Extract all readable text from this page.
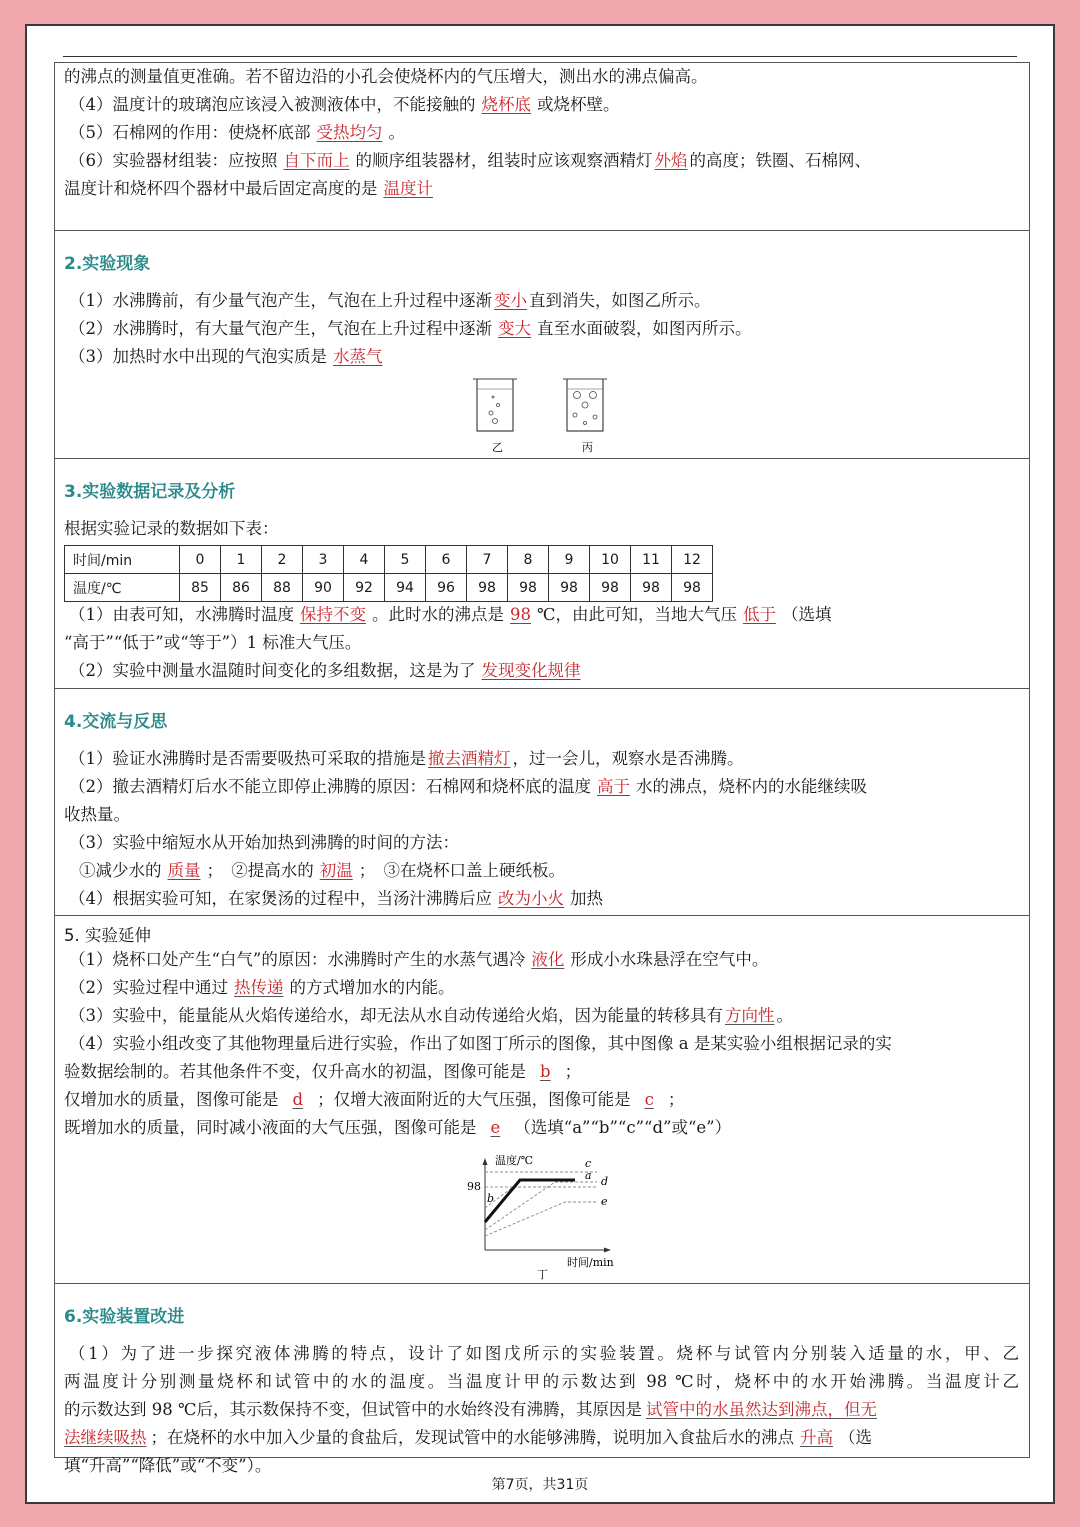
的沸点的测量值更准确。若不留边沿的小孔会使烧杯内的气压增大，测出水的沸点偏高。
（4）温度计的玻璃泡应该浸入被测液体中，不能接触的 烧杯底 或烧杯壁。
（5）石棉网的作用：使烧杯底部 受热均匀 。
（6）实验器材组装：应按照 自下而上 的顺序组装器材，组装时应该观察酒精灯 外焰 的高度；铁圈、石棉网、
温度计和烧杯四个器材中最后固定高度的是 温度计
2.实验现象
（1）水沸腾前，有少量气泡产生，气泡在上升过程中逐渐 变小 直到消失，如图乙所示。
（2）水沸腾时，有大量气泡产生，气泡在上升过程中逐渐 变大 直至水面破裂，如图丙所示。
（3）加热时水中出现的气泡实质是 水蒸气
乙	丙
3.实验数据记录及分析
根据实验记录的数据如下表：
时间/min	0	1	2	3	4	5	6	7	8	9	10	11	12
温度/℃	85	86	88	90	92	94	96	98	98	98	98	98	98
（1）由表可知，水沸腾时温度 保持不变 。此时水的沸点是 98 ℃，由此可知，当地大气压 低于 （选填
“高于”“低于”或“等于”）1 标准大气压。
（2）实验中测量水温随时间变化的多组数据，这是为了 发现变化规律
4.交流与反思
（1）验证水沸腾时是否需要吸热可采取的措施是 撤去酒精灯 ，过一会儿，观察水是否沸腾。
（2）撤去酒精灯后水不能立即停止沸腾的原因：石棉网和烧杯底的温度 高于 水的沸点，烧杯内的水能继续吸
收热量。
（3）实验中缩短水从开始加热到沸腾的时间的方法：
①减少水的 质量 ；　②提高水的 初温 ；　③在烧杯口盖上硬纸板。
（4）根据实验可知，在家煲汤的过程中，当汤汁沸腾后应 改为小火 加热
5. 实验延伸
（1）烧杯口处产生“白气”的原因：水沸腾时产生的水蒸气遇冷 液化 形成小水珠悬浮在空气中。
（2）实验过程中通过 热传递 的方式增加水的内能。
（3）实验中，能量能从火焰传递给水，却无法从水自动传递给火焰，因为能量的转移具有 方向性 。
（4）实验小组改变了其他物理量后进行实验，作出了如图丁所示的图像，其中图像 a 是某实验小组根据记录的实
验数据绘制的。若其他条件不变，仅升高水的初温，图像可能是 b ；
仅增加水的质量，图像可能是 d ；仅增大液面附近的大气压强，图像可能是 c ；
既增加水的质量，同时减小液面的大气压强，图像可能是 e （选填“a”“b”“c”“d”或“e”）
温度/℃
时间/min
98
c
a
b
d
e
丁
6.实验装置改进
（1）为了进一步探究液体沸腾的特点，设计了如图戊所示的实验装置。烧杯与试管内分别装入适量的水，甲、乙
两温度计分别测量烧杯和试管中的水的温度。当温度计甲的示数达到 98 ℃时，烧杯中的水开始沸腾。当温度计乙
的示数达到 98 ℃后，其示数保持不变，但试管中的水始终没有沸腾，其原因是 试管中的水虽然达到沸点，但无
法继续吸热 ；在烧杯的水中加入少量的食盐后，发现试管中的水能够沸腾，说明加入食盐后水的沸点 升高 （选
填“升高”“降低”或“不变”）。
第7页，共31页
